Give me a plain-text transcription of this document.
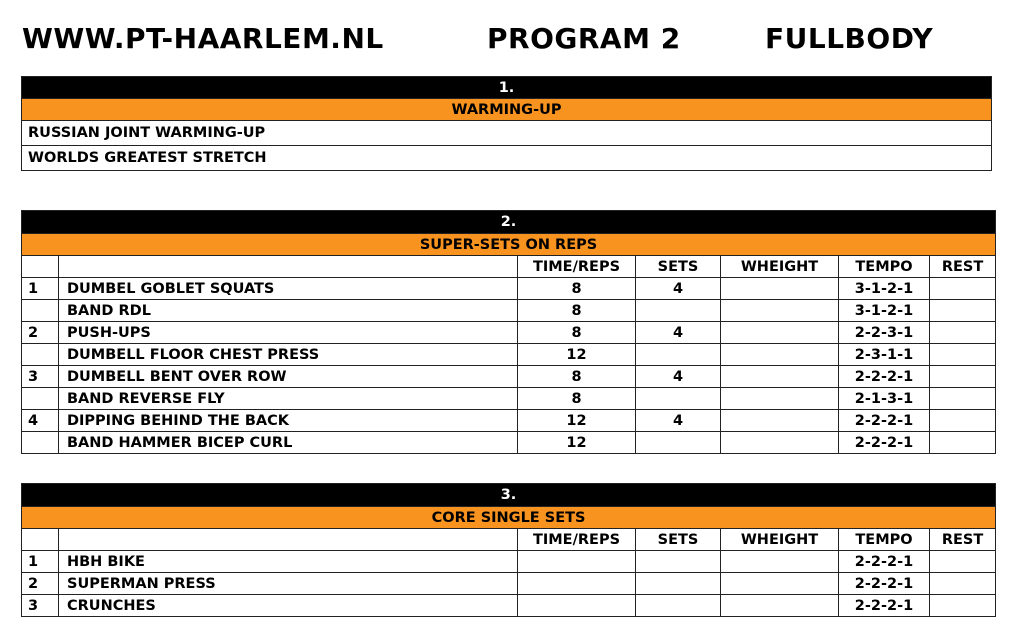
WWW.PT-HAARLEM.NL	PROGRAM 2	FULLBODY
1.
WARMING-UP
RUSSIAN JOINT WARMING-UP
WORLDS GREATEST STRETCH
2.						
SUPER-SETS ON REPS						
		TIME/REPS	SETS	WHEIGHT	TEMPO	REST
1	DUMBEL GOBLET SQUATS	8	4		3-1-2-1	
	BAND RDL	8			3-1-2-1	
2	PUSH-UPS	8	4		2-2-3-1	
	DUMBELL FLOOR CHEST PRESS	12			2-3-1-1	
3	DUMBELL BENT OVER ROW	8	4		2-2-2-1	
	BAND REVERSE FLY	8			2-1-3-1	
4	DIPPING BEHIND THE BACK	12	4		2-2-2-1	
	BAND HAMMER BICEP CURL	12			2-2-2-1	
3.						
CORE SINGLE SETS						
		TIME/REPS	SETS	WHEIGHT	TEMPO	REST
1	HBH BIKE				2-2-2-1	
2	SUPERMAN PRESS				2-2-2-1	
3	CRUNCHES				2-2-2-1	
